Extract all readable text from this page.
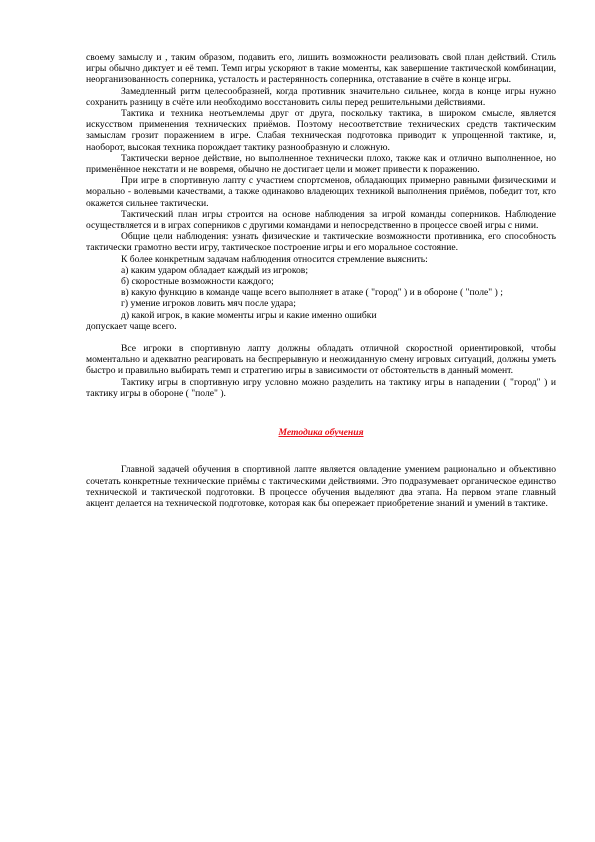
своему замыслу и , таким образом, подавить его, лишить возможности реализовать свой план действий. Стиль игры обычно диктует и её темп. Темп игры ускоряют в такие моменты, как завершение тактической комбинации, неорганизованность соперника, усталость и растерянность соперника, отставание в счёте в конце игры.

Замедленный ритм целесообразней, когда противник значительно сильнее, когда в конце игры нужно сохранить разницу в счёте или необходимо восстановить силы перед решительными действиями.

Тактика и техника неотъемлемы друг от друга, поскольку тактика, в широком смысле, является искусством применения технических приёмов. Поэтому несоответствие технических средств тактическим замыслам грозит поражением в игре. Слабая техническая подготовка приводит к упрощенной тактике, и, наоборот, высокая техника порождает тактику разнообразную и сложную.

Тактически верное действие, но выполненное технически плохо, также как и отлично выполненное, но применённое некстати и не вовремя, обычно не достигает цели и может привести к поражению.

При игре в спортивную лапту с участием спортсменов, обладающих примерно равными физическими и морально - волевыми качествами, а также одинаково владеющих техникой выполнения приёмов, победит тот, кто окажется сильнее тактически.

Тактический план игры строится на основе наблюдения за игрой команды соперников. Наблюдение осуществляется и в играх соперников с другими командами и непосредственно в процессе своей игры с ними.

Общие цели наблюдения: узнать физические и тактические возможности противника, его способность тактически грамотно вести игру, тактическое построение игры и его моральное состояние.

К более конкретным задачам наблюдения относится стремление выяснить:

а) каким ударом обладает каждый из игроков;

б) скоростные возможности каждого;

в) какую функцию в команде чаще всего выполняет в атаке ( "город" ) и в обороне ( "поле" ) ;

г) умение игроков ловить мяч после удара;

д) какой игрок, в какие моменты игры и какие именно ошибки

допускает чаще всего.

Все игроки в спортивную лапту должны обладать отличной скоростной ориентировкой, чтобы моментально и адекватно реагировать на беспрерывную и неожиданную смену игровых ситуаций, должны уметь быстро и правильно выбирать темп и стратегию игры в зависимости от обстоятельств в данный момент.

Тактику игры в спортивную игру условно можно разделить на тактику игры в нападении ( "город" ) и тактику игры в обороне ( "поле" ).

Методика обучения

Главной задачей обучения в спортивной лапте является овладение умением рационально и объективно сочетать конкретные технические приёмы с тактическими действиями. Это подразумевает органическое единство технической и тактической подготовки. В процессе обучения выделяют два этапа. На первом этапе главный акцент делается на технической подготовке, которая как бы опережает приобретение знаний и умений в тактике.
